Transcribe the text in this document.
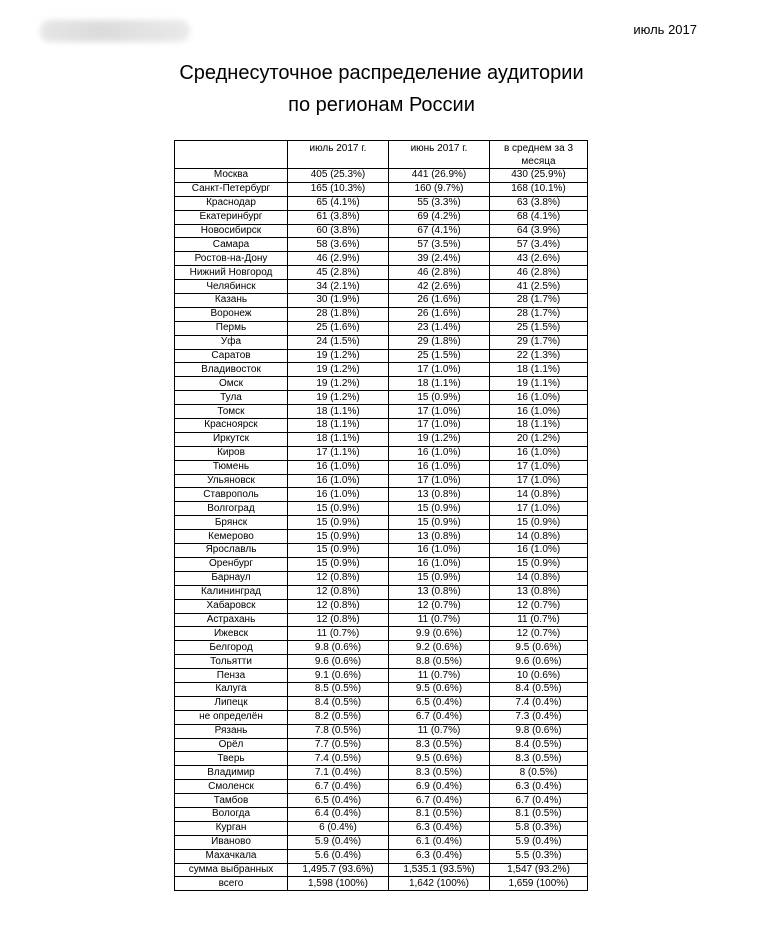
июль 2017
Среднесуточное распределение аудитории
по регионам России
	июль 2017 г.	июнь 2017 г.	в среднем за 3 месяца
Москва	405 (25.3%)	441 (26.9%)	430 (25.9%)
Санкт-Петербург	165 (10.3%)	160 (9.7%)	168 (10.1%)
Краснодар	65 (4.1%)	55 (3.3%)	63 (3.8%)
Екатеринбург	61 (3.8%)	69 (4.2%)	68 (4.1%)
Новосибирск	60 (3.8%)	67 (4.1%)	64 (3.9%)
Самара	58 (3.6%)	57 (3.5%)	57 (3.4%)
Ростов-на-Дону	46 (2.9%)	39 (2.4%)	43 (2.6%)
Нижний Новгород	45 (2.8%)	46 (2.8%)	46 (2.8%)
Челябинск	34 (2.1%)	42 (2.6%)	41 (2.5%)
Казань	30 (1.9%)	26 (1.6%)	28 (1.7%)
Воронеж	28 (1.8%)	26 (1.6%)	28 (1.7%)
Пермь	25 (1.6%)	23 (1.4%)	25 (1.5%)
Уфа	24 (1.5%)	29 (1.8%)	29 (1.7%)
Саратов	19 (1.2%)	25 (1.5%)	22 (1.3%)
Владивосток	19 (1.2%)	17 (1.0%)	18 (1.1%)
Омск	19 (1.2%)	18 (1.1%)	19 (1.1%)
Тула	19 (1.2%)	15 (0.9%)	16 (1.0%)
Томск	18 (1.1%)	17 (1.0%)	16 (1.0%)
Красноярск	18 (1.1%)	17 (1.0%)	18 (1.1%)
Иркутск	18 (1.1%)	19 (1.2%)	20 (1.2%)
Киров	17 (1.1%)	16 (1.0%)	16 (1.0%)
Тюмень	16 (1.0%)	16 (1.0%)	17 (1.0%)
Ульяновск	16 (1.0%)	17 (1.0%)	17 (1.0%)
Ставрополь	16 (1.0%)	13 (0.8%)	14 (0.8%)
Волгоград	15 (0.9%)	15 (0.9%)	17 (1.0%)
Брянск	15 (0.9%)	15 (0.9%)	15 (0.9%)
Кемерово	15 (0.9%)	13 (0.8%)	14 (0.8%)
Ярославль	15 (0.9%)	16 (1.0%)	16 (1.0%)
Оренбург	15 (0.9%)	16 (1.0%)	15 (0.9%)
Барнаул	12 (0.8%)	15 (0.9%)	14 (0.8%)
Калининград	12 (0.8%)	13 (0.8%)	13 (0.8%)
Хабаровск	12 (0.8%)	12 (0.7%)	12 (0.7%)
Астрахань	12 (0.8%)	11 (0.7%)	11 (0.7%)
Ижевск	11 (0.7%)	9.9 (0.6%)	12 (0.7%)
Белгород	9.8 (0.6%)	9.2 (0.6%)	9.5 (0.6%)
Тольятти	9.6 (0.6%)	8.8 (0.5%)	9.6 (0.6%)
Пенза	9.1 (0.6%)	11 (0.7%)	10 (0.6%)
Калуга	8.5 (0.5%)	9.5 (0.6%)	8.4 (0.5%)
Липецк	8.4 (0.5%)	6.5 (0.4%)	7.4 (0.4%)
не определён	8.2 (0.5%)	6.7 (0.4%)	7.3 (0.4%)
Рязань	7.8 (0.5%)	11 (0.7%)	9.8 (0.6%)
Орёл	7.7 (0.5%)	8.3 (0.5%)	8.4 (0.5%)
Тверь	7.4 (0.5%)	9.5 (0.6%)	8.3 (0.5%)
Владимир	7.1 (0.4%)	8.3 (0.5%)	8 (0.5%)
Смоленск	6.7 (0.4%)	6.9 (0.4%)	6.3 (0.4%)
Тамбов	6.5 (0.4%)	6.7 (0.4%)	6.7 (0.4%)
Вологда	6.4 (0.4%)	8.1 (0.5%)	8.1 (0.5%)
Курган	6 (0.4%)	6.3 (0.4%)	5.8 (0.3%)
Иваново	5.9 (0.4%)	6.1 (0.4%)	5.9 (0.4%)
Махачкала	5.6 (0.4%)	6.3 (0.4%)	5.5 (0.3%)
сумма выбранных	1,495.7 (93.6%)	1,535.1 (93.5%)	1,547 (93.2%)
всего	1,598 (100%)	1,642 (100%)	1,659 (100%)
